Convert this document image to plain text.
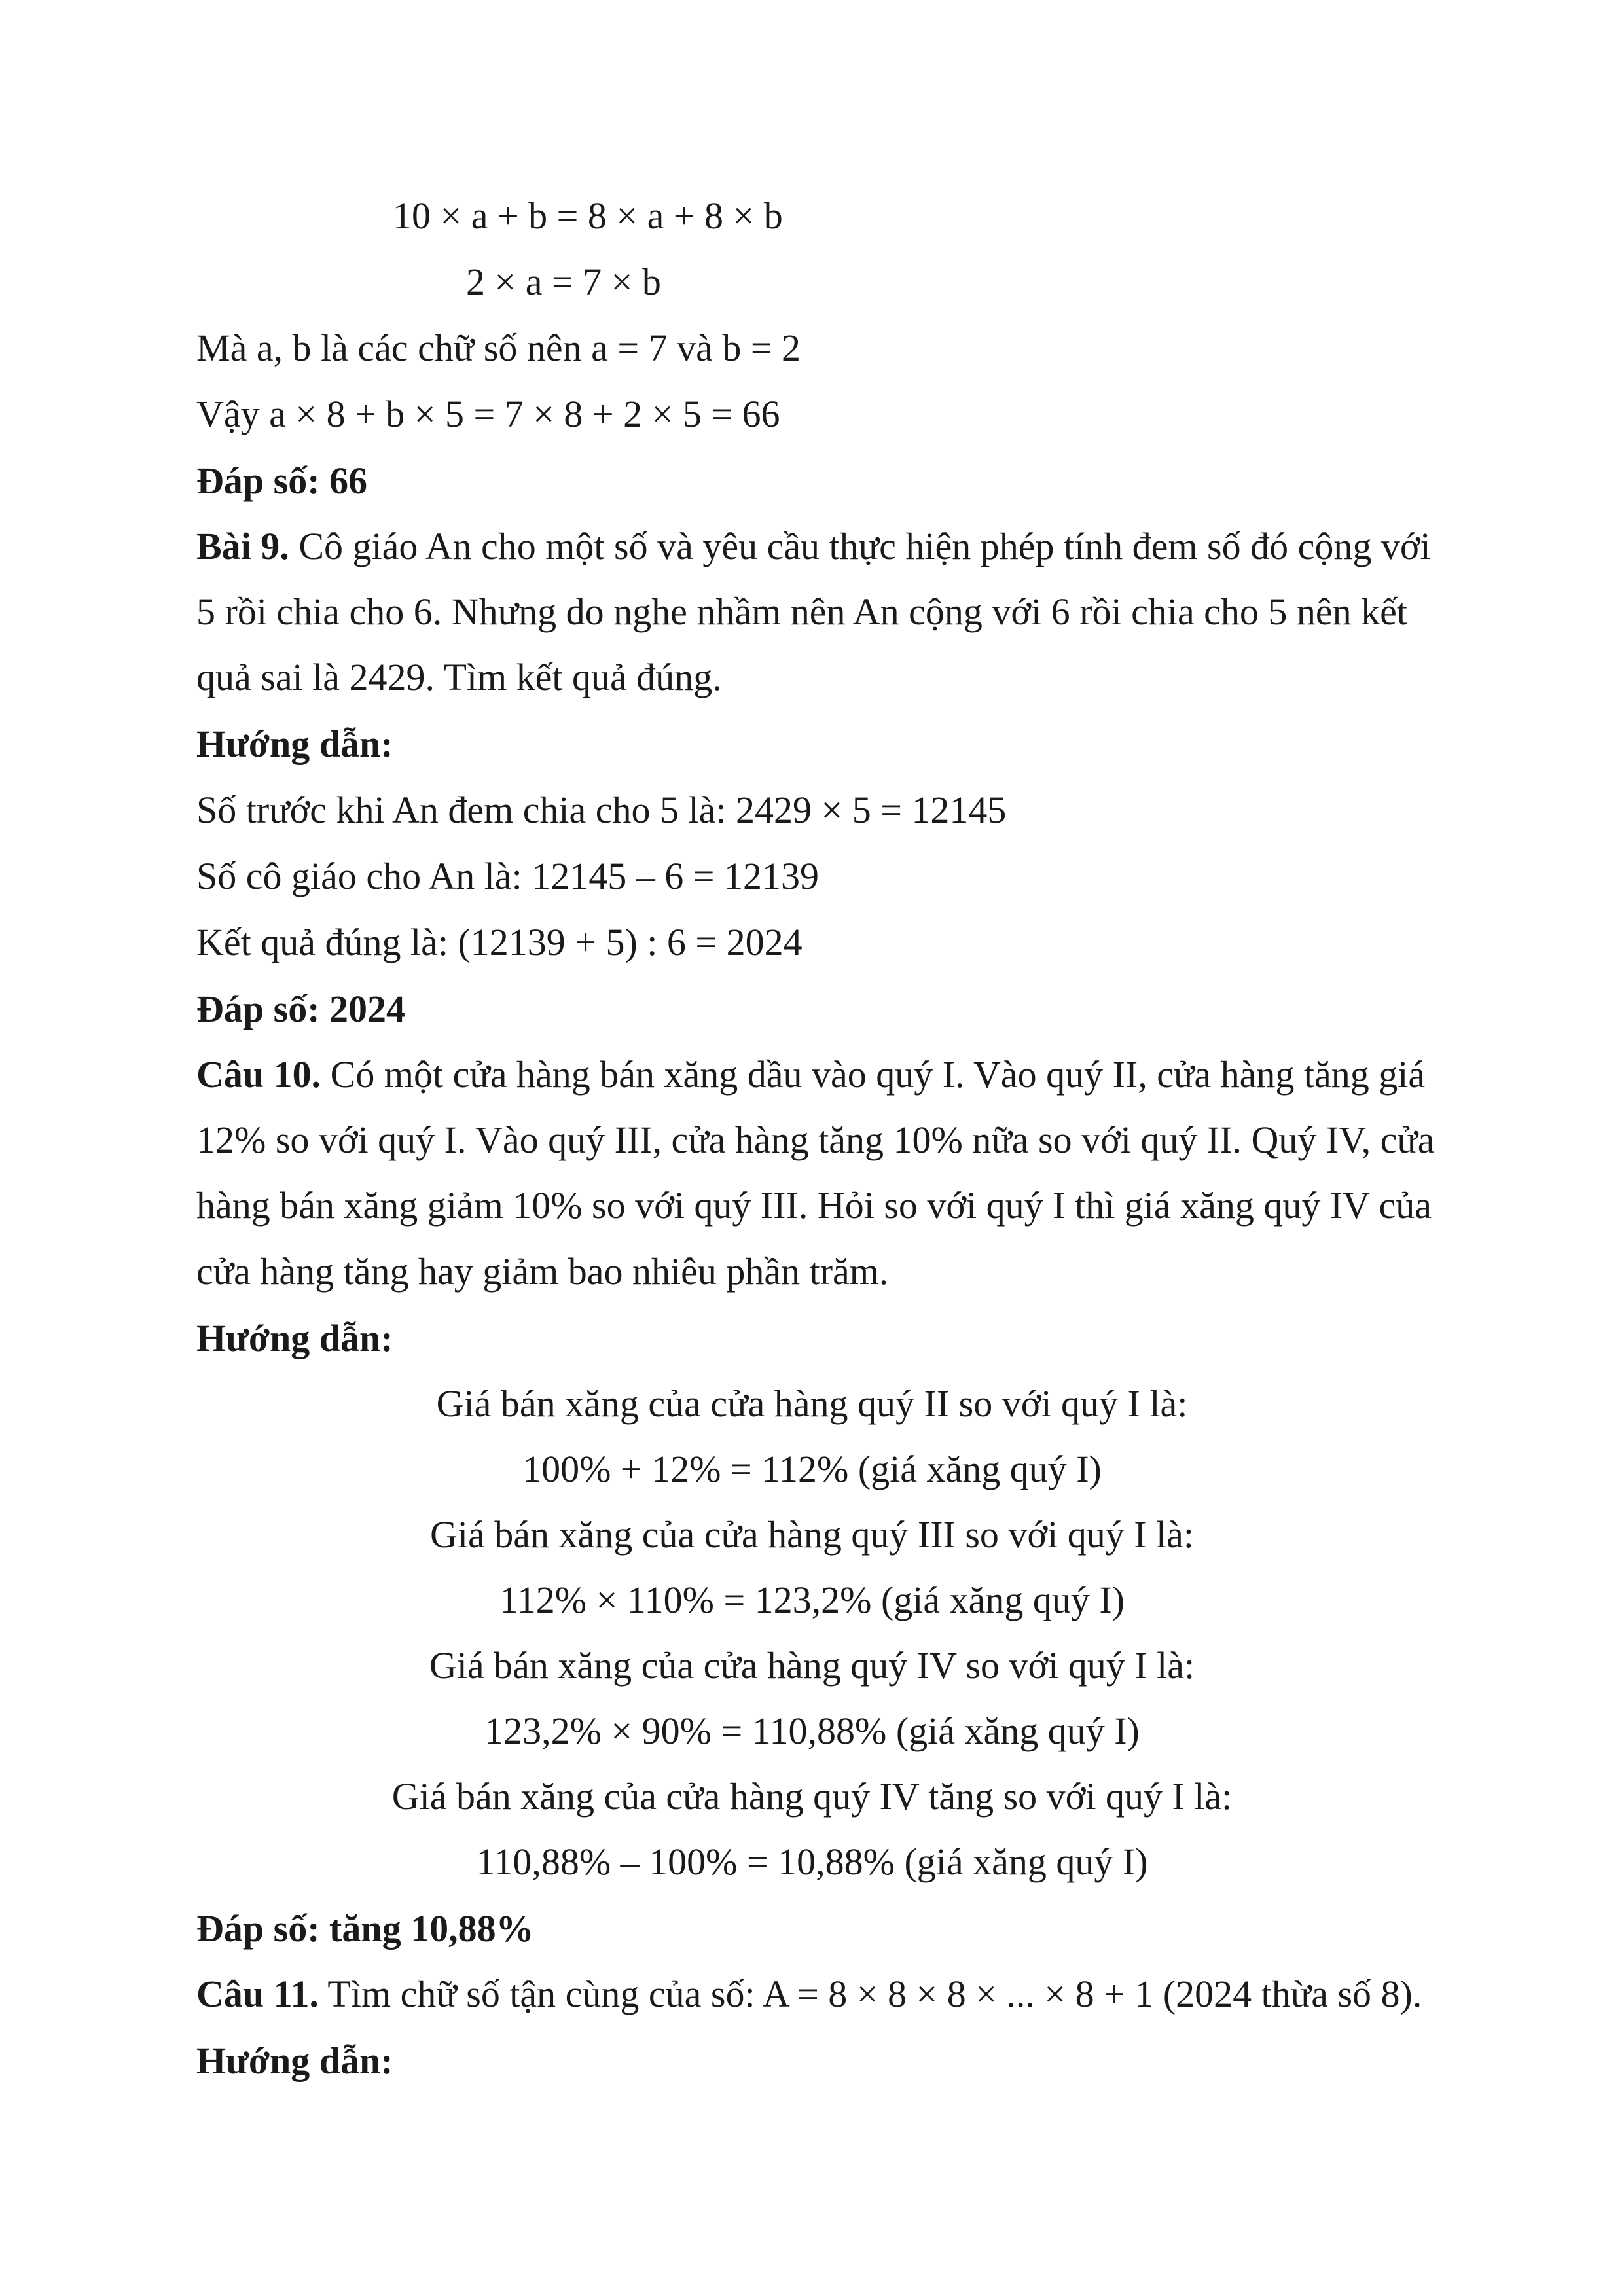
10 × a + b = 8 × a + 8 × b

2 × a = 7 × b

Mà a, b là các chữ số nên a = 7 và b = 2

Vậy a × 8 + b × 5 = 7 × 8 + 2 × 5 = 66

Đáp số: 66

Bài 9. Cô giáo An cho một số và yêu cầu thực hiện phép tính đem số đó cộng với

5 rồi chia cho 6. Nhưng do nghe nhầm nên An cộng với 6 rồi chia cho 5 nên kết

quả sai là 2429. Tìm kết quả đúng.

Hướng dẫn:

Số trước khi An đem chia cho 5 là: 2429 × 5 = 12145

Số cô giáo cho An là: 12145 – 6 = 12139

Kết quả đúng là: (12139 + 5) : 6 = 2024

Đáp số: 2024

Câu 10. Có một cửa hàng bán xăng dầu vào quý I. Vào quý II, cửa hàng tăng giá

12% so với quý I. Vào quý III, cửa hàng tăng 10% nữa so với quý II. Quý IV, cửa

hàng bán xăng giảm 10% so với quý III. Hỏi so với quý I thì giá xăng quý IV của

cửa hàng tăng hay giảm bao nhiêu phần trăm.

Hướng dẫn:

Giá bán xăng của cửa hàng quý II so với quý I là:

100% + 12% = 112% (giá xăng quý I)

Giá bán xăng của cửa hàng quý III so với quý I là:

112% × 110% = 123,2% (giá xăng quý I)

Giá bán xăng của cửa hàng quý IV so với quý I là:

123,2% × 90% = 110,88% (giá xăng quý I)

Giá bán xăng của cửa hàng quý IV tăng so với quý I là:

110,88% – 100% = 10,88% (giá xăng quý I)

Đáp số: tăng 10,88%

Câu 11. Tìm chữ số tận cùng của số: A = 8 × 8 × 8 × ... × 8 + 1 (2024 thừa số 8).

Hướng dẫn:
